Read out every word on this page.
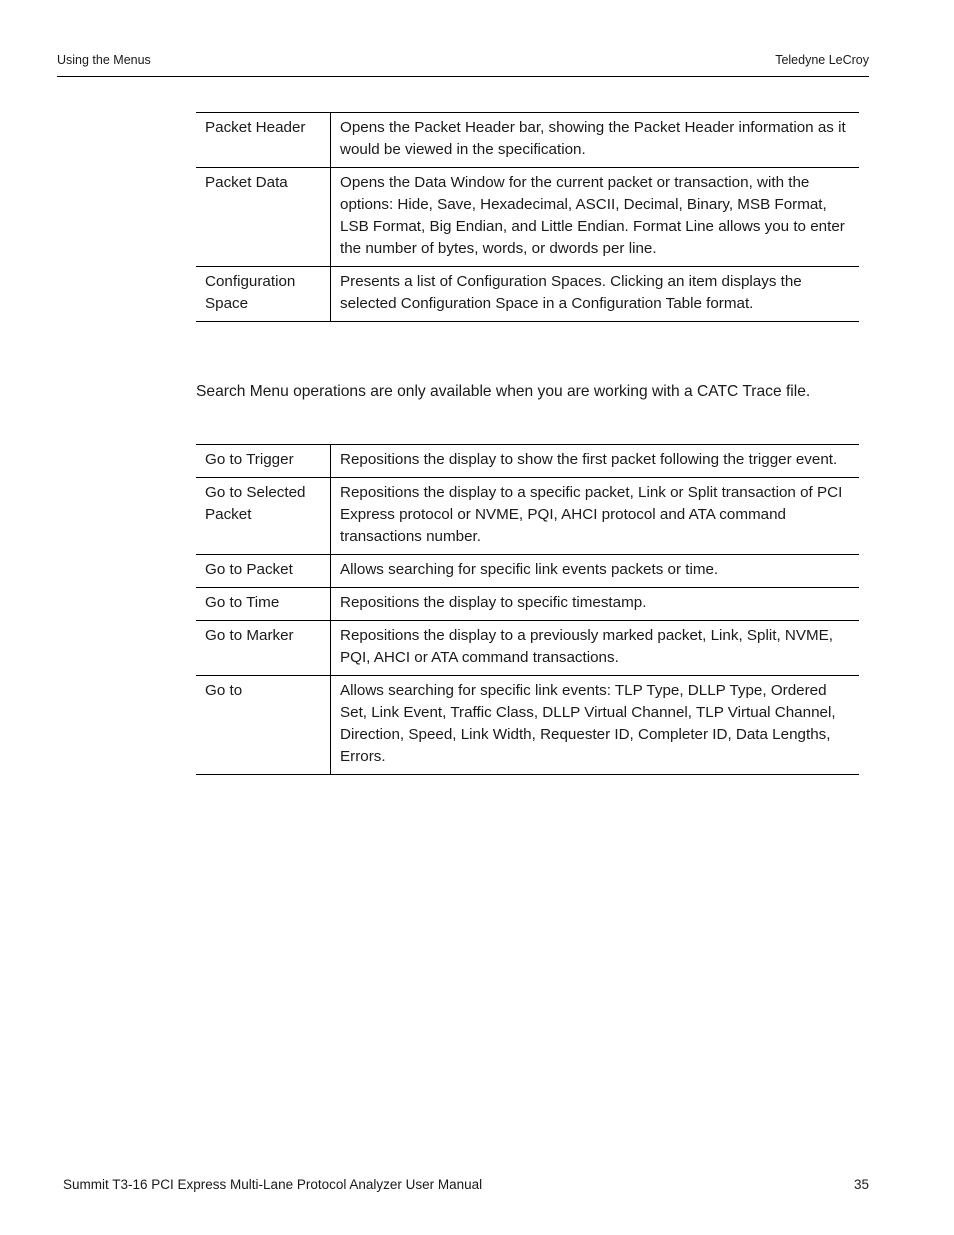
Using the Menus	Teledyne LeCroy
Packet Header	Opens the Packet Header bar, showing the Packet Header information as it would be viewed in the specification.
Packet Data	Opens the Data Window for the current packet or transaction, with the options: Hide, Save, Hexadecimal, ASCII, Decimal, Binary, MSB Format, LSB Format, Big Endian, and Little Endian. Format Line allows you to enter the number of bytes, words, or dwords per line.
Configuration Space	Presents a list of Configuration Spaces. Clicking an item displays the selected Configuration Space in a Configuration Table format.
Search Menu operations are only available when you are working with a CATC Trace file.
Go to Trigger	Repositions the display to show the first packet following the trigger event.
Go to Selected Packet	Repositions the display to a specific packet, Link or Split transaction of PCI Express protocol or NVME, PQI, AHCI protocol and ATA command transactions number.
Go to Packet	Allows searching for specific link events packets or time.
Go to Time	Repositions the display to specific timestamp.
Go to Marker	Repositions the display to a previously marked packet, Link, Split, NVME, PQI, AHCI or ATA command transactions.
Go to	Allows searching for specific link events: TLP Type, DLLP Type, Ordered Set, Link Event, Traffic Class, DLLP Virtual Channel, TLP Virtual Channel, Direction, Speed, Link Width, Requester ID, Completer ID, Data Lengths, Errors.
Summit T3-16 PCI Express Multi-Lane Protocol Analyzer User Manual	35
